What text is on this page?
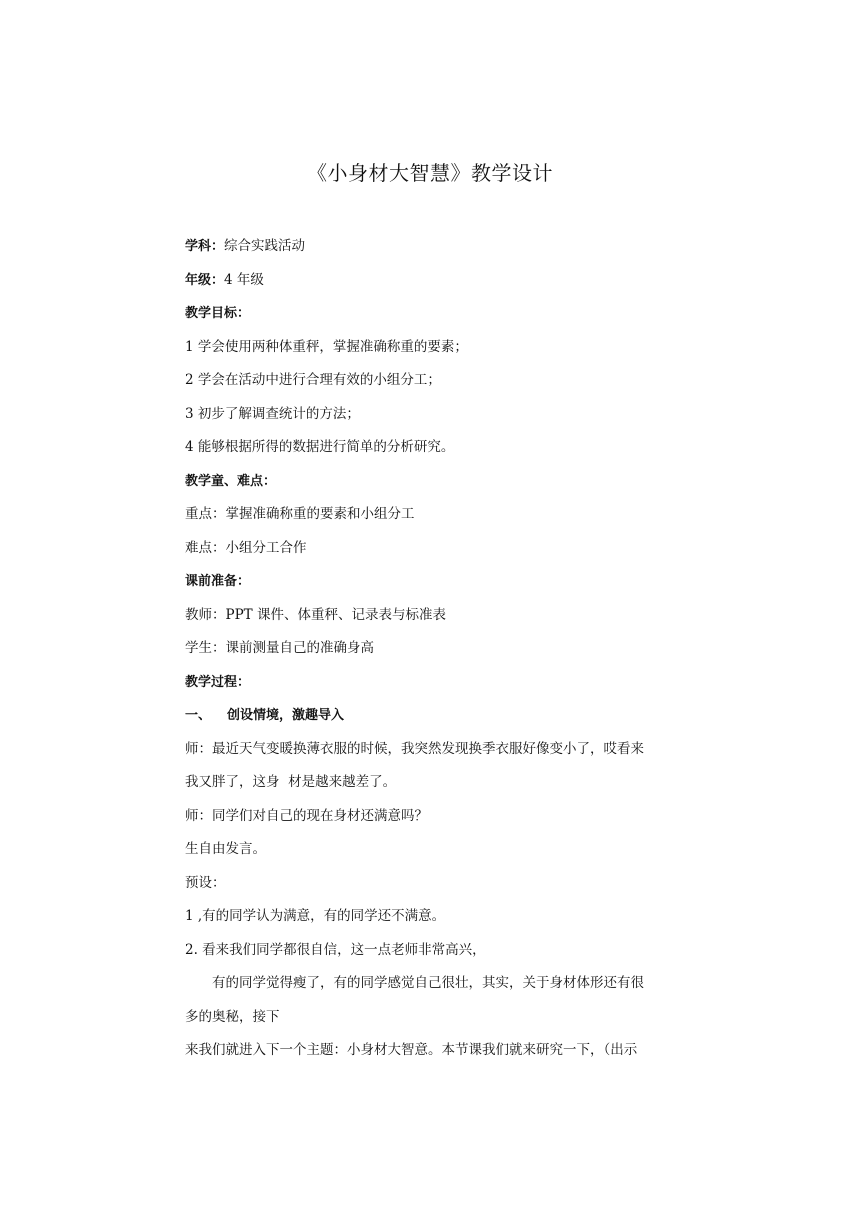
《小身材大智慧》教学设计

学科：综合实践活动

年级：4 年级

教学目标：

1 学会使用两种体重秤，掌握准确称重的要素；

2 学会在活动中进行合理有效的小组分工；

3 初步了解调查统计的方法；

4 能够根据所得的数据进行简单的分析研究。

教学童、难点：

重点：掌握准确称重的要素和小组分工

难点：小组分工合作

课前准备：

教师：PPT 课件、体重秤、记录表与标准表

学生：课前测量自己的准确身高

教学过程：

一、 创设情境，激趣导入

师：最近天气变暖换薄衣服的时候，我突然发现换季衣服好像变小了，哎看来

我又胖了，这身  材是越来越差了。

师：同学们对自己的现在身材还满意吗？

生自由发言。

预设：

1 ,有的同学认为满意，有的同学还不满意。

2. 看来我们同学都很自信，这一点老师非常高兴，

有的同学觉得瘦了，有的同学感觉自己很壮，其实，关于身材体形还有很

多的奥秘，接下

来我们就进入下一个主题：小身材大智意。本节课我们就来研究一下，（出示
